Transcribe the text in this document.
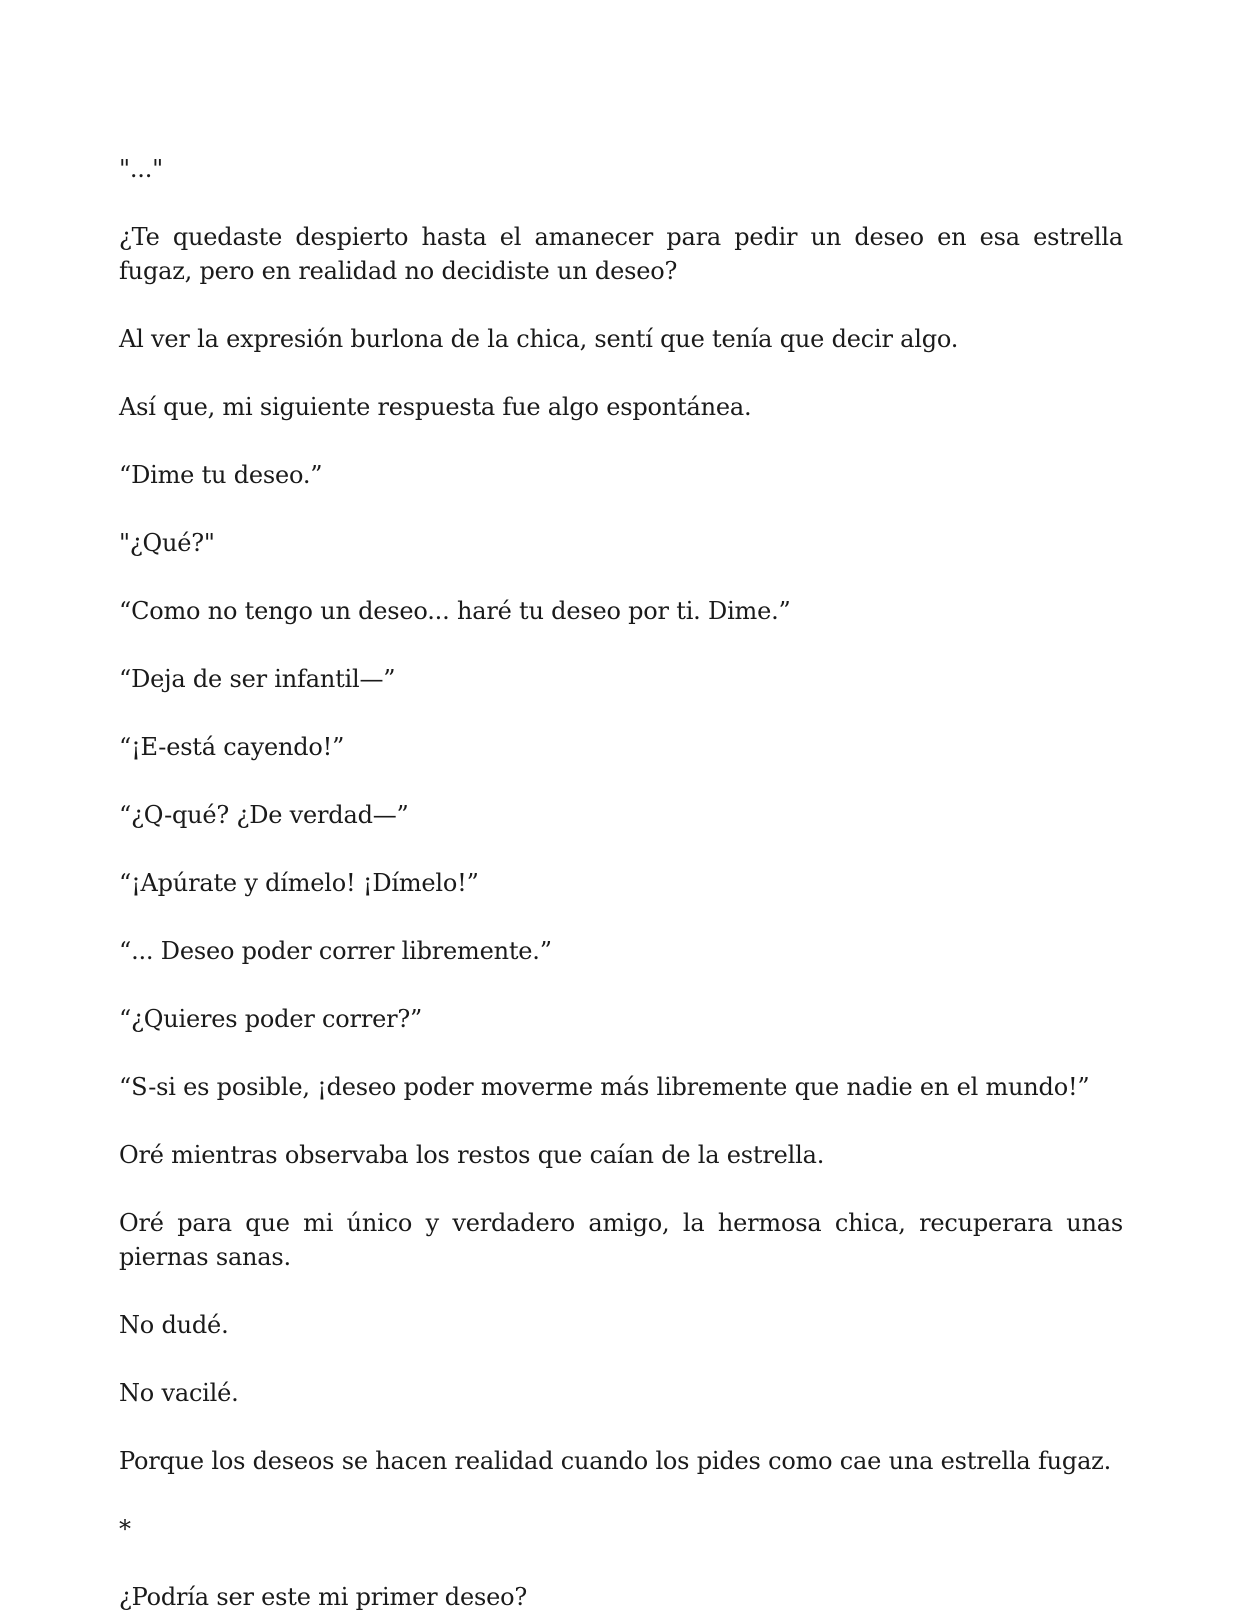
"..."

¿Te quedaste despierto hasta el amanecer para pedir un deseo en esa estrella fugaz, pero en realidad no decidiste un deseo?

Al ver la expresión burlona de la chica, sentí que tenía que decir algo.

Así que, mi siguiente respuesta fue algo espontánea.

“Dime tu deseo.”

"¿Qué?"

“Como no tengo un deseo... haré tu deseo por ti. Dime.”

“Deja de ser infantil—”

“¡E-está cayendo!”

“¿Q-qué? ¿De verdad—”

“¡Apúrate y dímelo! ¡Dímelo!”

“... Deseo poder correr libremente.”

“¿Quieres poder correr?”

“S-si es posible, ¡deseo poder moverme más libremente que nadie en el mundo!”

Oré mientras observaba los restos que caían de la estrella.

Oré para que mi único y verdadero amigo, la hermosa chica, recuperara unas piernas sanas.

No dudé.

No vacilé.

Porque los deseos se hacen realidad cuando los pides como cae una estrella fugaz.

*

¿Podría ser este mi primer deseo?
